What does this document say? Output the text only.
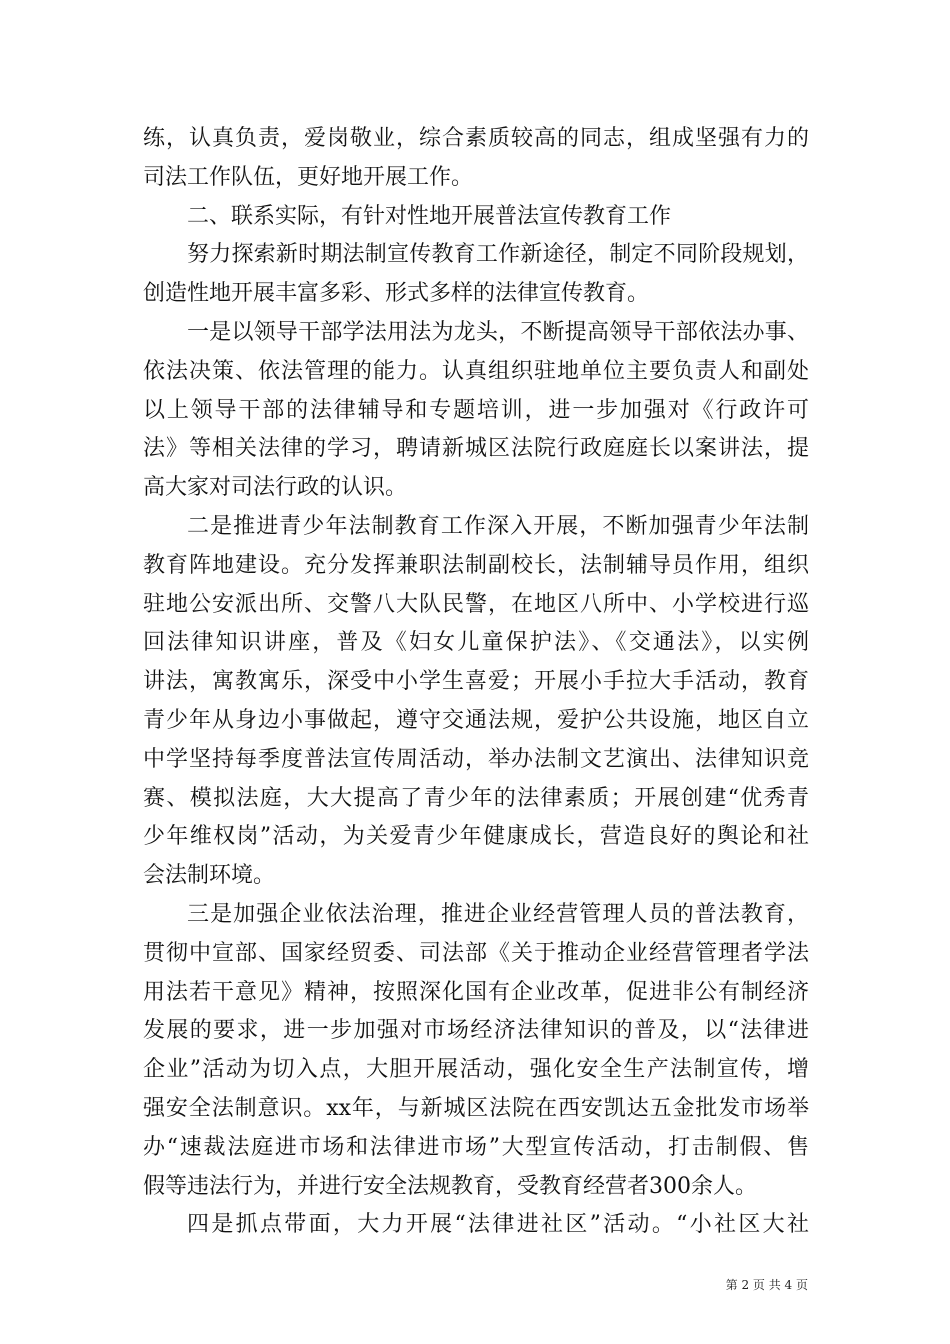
练，认真负责，爱岗敬业，综合素质较高的同志，组成坚强有力的
司法工作队伍，更好地开展工作。
二、联系实际，有针对性地开展普法宣传教育工作
努力探索新时期法制宣传教育工作新途径，制定不同阶段规划，
创造性地开展丰富多彩、形式多样的法律宣传教育。
一是以领导干部学法用法为龙头，不断提高领导干部依法办事、
依法决策、依法管理的能力。认真组织驻地单位主要负责人和副处
以上领导干部的法律辅导和专题培训，进一步加强对《行政许可
法》等相关法律的学习，聘请新城区法院行政庭庭长以案讲法，提
高大家对司法行政的认识。
二是推进青少年法制教育工作深入开展，不断加强青少年法制
教育阵地建设。充分发挥兼职法制副校长，法制辅导员作用，组织
驻地公安派出所、交警八大队民警，在地区八所中、小学校进行巡
回法律知识讲座，普及《妇女儿童保护法》、《交通法》，以实例
讲法，寓教寓乐，深受中小学生喜爱；开展小手拉大手活动，教育
青少年从身边小事做起，遵守交通法规，爱护公共设施，地区自立
中学坚持每季度普法宣传周活动，举办法制文艺演出、法律知识竞
赛、模拟法庭，大大提高了青少年的法律素质；开展创建“优秀青
少年维权岗”活动，为关爱青少年健康成长，营造良好的舆论和社
会法制环境。
三是加强企业依法治理，推进企业经营管理人员的普法教育，
贯彻中宣部、国家经贸委、司法部《关于推动企业经营管理者学法
用法若干意见》精神，按照深化国有企业改革，促进非公有制经济
发展的要求，进一步加强对市场经济法律知识的普及，以“法律进
企业”活动为切入点，大胆开展活动，强化安全生产法制宣传，增
强安全法制意识。xx年，与新城区法院在西安凯达五金批发市场举
办“速裁法庭进市场和法律进市场”大型宣传活动，打击制假、售
假等违法行为，并进行安全法规教育，受教育经营者300余人。
四是抓点带面，大力开展“法律进社区”活动。“小社区大社
第 2 页 共 4 页
